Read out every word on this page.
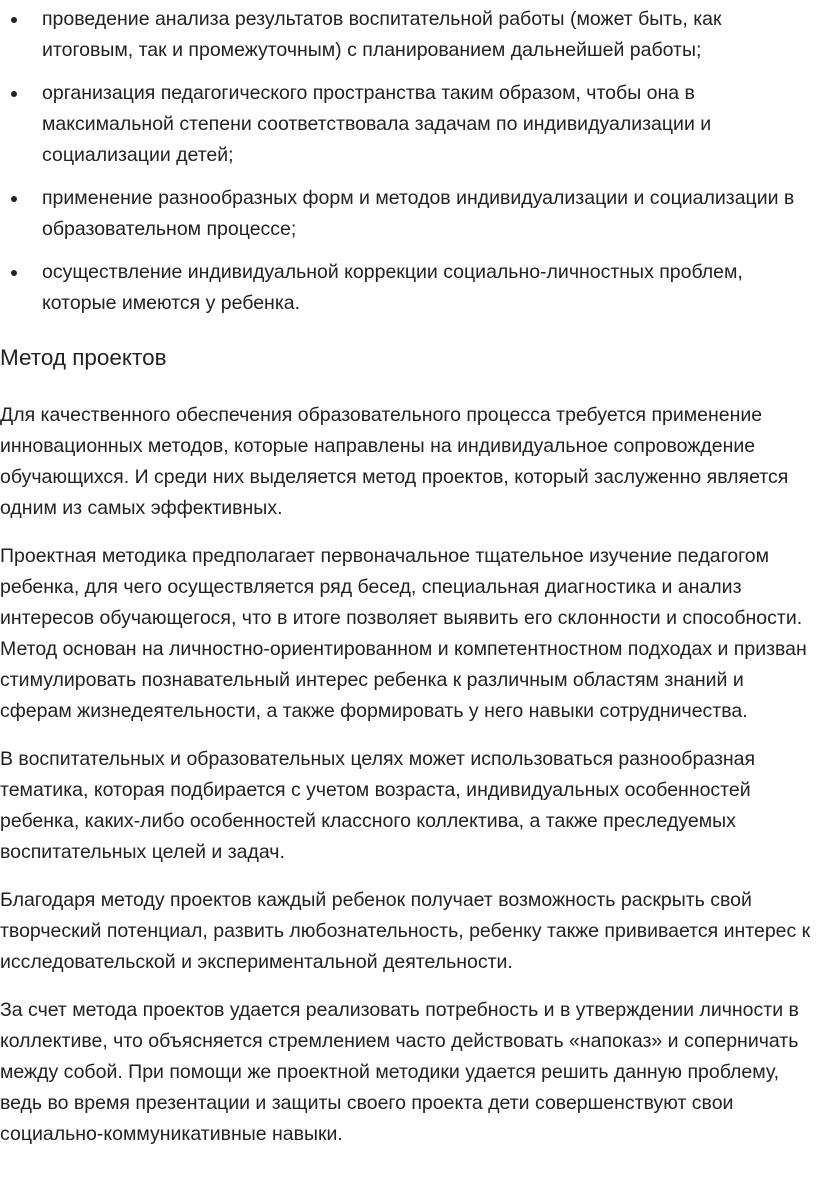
проведение анализа результатов воспитательной работы (может быть, как итоговым, так и промежуточным) с планированием дальнейшей работы;
организация педагогического пространства таким образом, чтобы она в максимальной степени соответствовала задачам по индивидуализации и социализации детей;
применение разнообразных форм и методов индивидуализации и социализации в образовательном процессе;
осуществление индивидуальной коррекции социально-личностных проблем, которые имеются у ребенка.
Метод проектов

Для качественного обеспечения образовательного процесса требуется применение инновационных методов, которые направлены на индивидуальное сопровождение обучающихся. И среди них выделяется метод проектов, который заслуженно является одним из самых эффективных.

Проектная методика предполагает первоначальное тщательное изучение педагогом ребенка, для чего осуществляется ряд бесед, специальная диагностика и анализ интересов обучающегося, что в итоге позволяет выявить его склонности и способности. Метод основан на личностно-ориентированном и компетентностном подходах и призван стимулировать познавательный интерес ребенка к различным областям знаний и сферам жизнедеятельности, а также формировать у него навыки сотрудничества.

В воспитательных и образовательных целях может использоваться разнообразная тематика, которая подбирается с учетом возраста, индивидуальных особенностей ребенка, каких-либо особенностей классного коллектива, а также преследуемых воспитательных целей и задач.

Благодаря методу проектов каждый ребенок получает возможность раскрыть свой творческий потенциал, развить любознательность, ребенку также прививается интерес к исследовательской и экспериментальной деятельности.

За счет метода проектов удается реализовать потребность и в утверждении личности в коллективе, что объясняется стремлением часто действовать «напоказ» и соперничать между собой. При помощи же проектной методики удается решить данную проблему, ведь во время презентации и защиты своего проекта дети совершенствуют свои социально-коммуникативные навыки.
